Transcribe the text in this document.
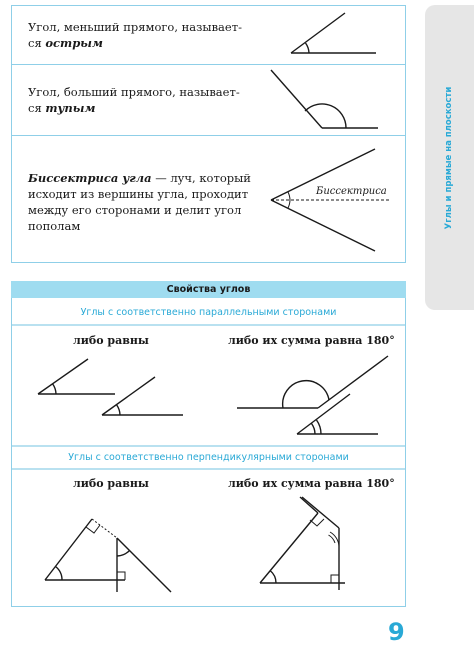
Углы и прямые на плоскости
Угол, меньший прямого, называет-
ся острым
Угол, больший прямого, называет-
ся тупым
Биссектриса угла — луч, который
исходит из вершины угла, проходит
между его сторонами и делит угол
пополам
Свойства углов
Углы с соответственно параллельными сторонами
либо равны	либо их сумма равна 180°
Углы с соответственно перпендикулярными сторонами
либо равны	либо их сумма равна 180°
Биссектриса
9
